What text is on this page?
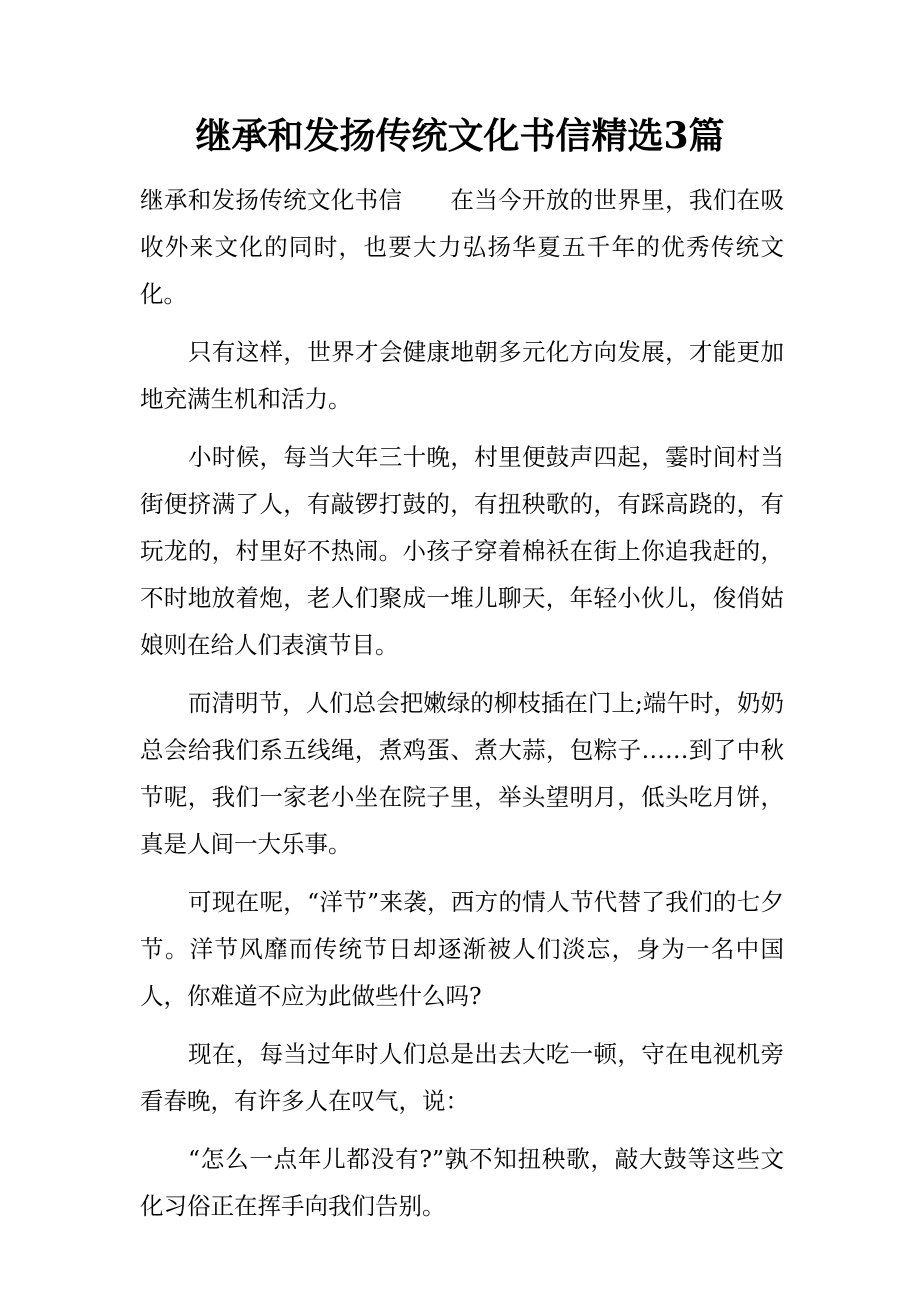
继承和发扬传统文化书信精选3篇

继承和发扬传统文化书信 在当今开放的世界里，我们在吸收外来文化的同时，也要大力弘扬华夏五千年的优秀传统文化。

只有这样，世界才会健康地朝多元化方向发展，才能更加地充满生机和活力。

小时候，每当大年三十晚，村里便鼓声四起，霎时间村当街便挤满了人，有敲锣打鼓的，有扭秧歌的，有踩高跷的，有玩龙的，村里好不热闹。小孩子穿着棉袄在街上你追我赶的，不时地放着炮，老人们聚成一堆儿聊天，年轻小伙儿，俊俏姑娘则在给人们表演节目。

而清明节，人们总会把嫩绿的柳枝插在门上;端午时，奶奶总会给我们系五线绳，煮鸡蛋、煮大蒜，包粽子……到了中秋节呢，我们一家老小坐在院子里，举头望明月，低头吃月饼，真是人间一大乐事。

可现在呢，“洋节”来袭，西方的情人节代替了我们的七夕节。洋节风靡而传统节日却逐渐被人们淡忘，身为一名中国人，你难道不应为此做些什么吗?

现在，每当过年时人们总是出去大吃一顿，守在电视机旁看春晚，有许多人在叹气，说：

“怎么一点年儿都没有?”孰不知扭秧歌，敲大鼓等这些文化习俗正在挥手向我们告别。
